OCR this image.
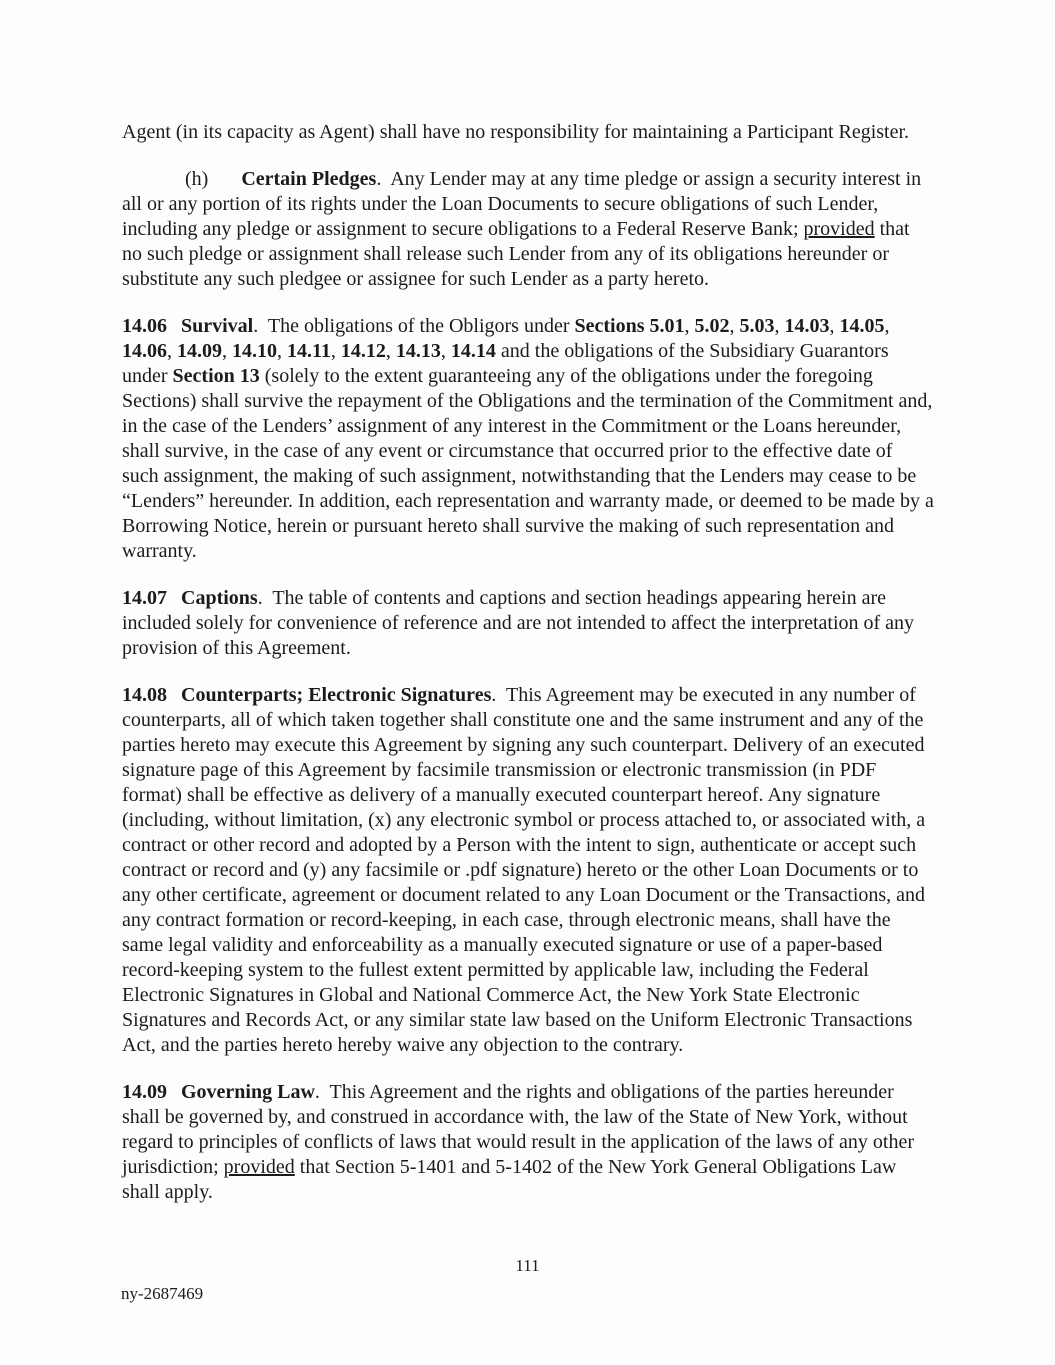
Agent (in its capacity as Agent) shall have no responsibility for maintaining a Participant Register.

(h) Certain Pledges.  Any Lender may at any time pledge or assign a security interest in all or any portion of its rights under the Loan Documents to secure obligations of such Lender, including any pledge or assignment to secure obligations to a Federal Reserve Bank; provided that no such pledge or assignment shall release such Lender from any of its obligations hereunder or substitute any such pledgee or assignee for such Lender as a party hereto.

14.06 Survival.  The obligations of the Obligors under Sections 5.01, 5.02, 5.03, 14.03, 14.05, 14.06, 14.09, 14.10, 14.11, 14.12, 14.13, 14.14 and the obligations of the Subsidiary Guarantors under Section 13 (solely to the extent guaranteeing any of the obligations under the foregoing Sections) shall survive the repayment of the Obligations and the termination of the Commitment and, in the case of the Lenders’ assignment of any interest in the Commitment or the Loans hereunder, shall survive, in the case of any event or circumstance that occurred prior to the effective date of such assignment, the making of such assignment, notwithstanding that the Lenders may cease to be  “Lenders” hereunder. In addition, each representation and warranty made, or deemed to be made by a Borrowing Notice, herein or pursuant hereto shall survive the making of such representation and warranty.

14.07 Captions.  The table of contents and captions and section headings appearing herein are included solely for convenience of reference and are not intended to affect the interpretation of any provision of this Agreement.

14.08 Counterparts; Electronic Signatures.  This Agreement may be executed in any number of counterparts, all of which taken together shall constitute one and the same instrument and any of the parties hereto may execute this Agreement by signing any such counterpart. Delivery of an executed signature page of this Agreement by facsimile transmission or electronic transmission (in PDF format) shall be effective as delivery of a manually executed counterpart hereof. Any signature (including, without limitation, (x) any electronic symbol or process attached to, or associated with, a contract or other record and adopted by a Person with the intent to sign, authenticate or accept such contract or record and (y) any facsimile or .pdf signature) hereto or the other Loan Documents or to any other certificate, agreement or document related to any Loan Document or the Transactions, and any contract formation or record-keeping, in each case, through electronic means, shall have the same legal validity and enforceability as a manually executed signature or use of a paper-based record-keeping system to the fullest extent permitted by applicable law, including the Federal Electronic Signatures in Global and National Commerce Act, the New York State Electronic Signatures and Records Act, or any similar state law based on the Uniform Electronic Transactions Act, and the parties hereto hereby waive any objection to the contrary.

14.09 Governing Law.  This Agreement and the rights and obligations of the parties hereunder shall be governed by, and construed in accordance with, the law of the State of New York, without regard to principles of conflicts of laws that would result in the application of the laws of any other jurisdiction; provided that Section 5-1401 and 5-1402 of the New York General Obligations Law shall apply.

111
ny-2687469
